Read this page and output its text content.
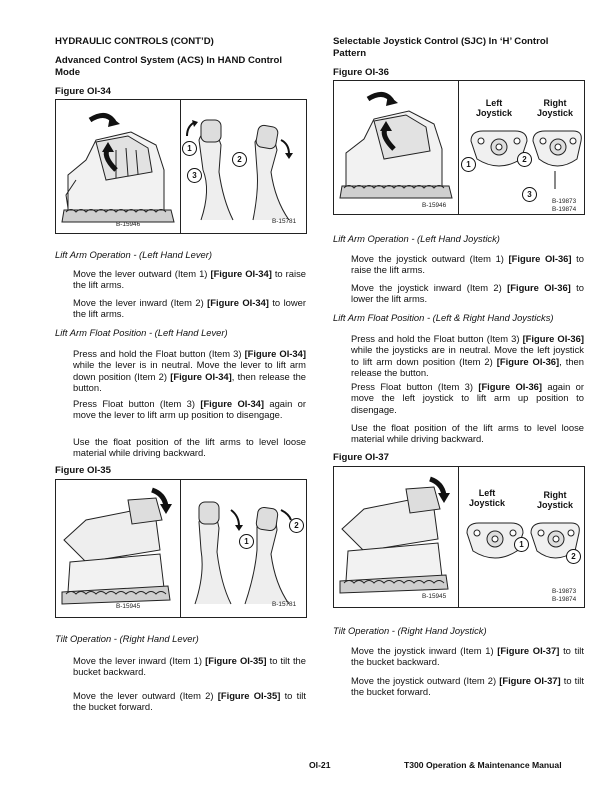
HYDRAULIC CONTROLS (CONT’D)
Advanced Control System (ACS) In HAND Control Mode
Figure OI-34
1
2
3
B-15946	B-15781
Lift Arm Operation - (Left Hand Lever)

Move the lever outward (Item 1) [Figure OI-34] to raise the lift arms.

Move the lever inward (Item 2) [Figure OI-34] to lower the lift arms.

Lift Arm Float Position - (Left Hand Lever)

Press and hold the Float button (Item 3) [Figure OI-34] while the lever is in neutral. Move the lever to lift arm down position (Item 2) [Figure OI-34], then release the button.

Press Float button (Item 3) [Figure OI-34] again or move the lever to lift arm up position to disengage.

Use the float position of the lift arms to level loose material while driving backward.

Figure OI-35
1
2
B-15945	B-15781
Tilt Operation - (Right Hand Lever)

Move the lever inward (Item 1) [Figure OI-35] to tilt the bucket backward.

Move the lever outward (Item 2) [Figure OI-35] to tilt the bucket forward.

Selectable Joystick Control (SJC) In ‘H’ Control Pattern
Figure OI-36
Left Joystick
Right Joystick
1
2
3
B-15946
B-19873
B-19874
Lift Arm Operation - (Left Hand Joystick)

Move the joystick outward (Item 1) [Figure OI-36] to raise the lift arms.

Move the joystick inward (Item 2) [Figure OI-36] to lower the lift arms.

Lift Arm Float Position - (Left & Right Hand Joysticks)

Press and hold the Float button (Item 3) [Figure OI-36] while the joysticks are in neutral. Move the left joystick to lift arm down position (Item 2) [Figure OI-36], then release the button.

Press Float button (Item 3) [Figure OI-36] again or move the left joystick to lift arm up position to disengage.

Use the float position of the lift arms to level loose material while driving backward.

Figure OI-37
Left Joystick
Right Joystick
1
2
B-15945
B-19873
B-19874
Tilt Operation - (Right Hand Joystick)

Move the joystick inward (Item 1) [Figure OI-37] to tilt the bucket backward.

Move the joystick outward (Item 2) [Figure OI-37] to tilt the bucket forward.

OI-21	T300 Operation & Maintenance Manual
